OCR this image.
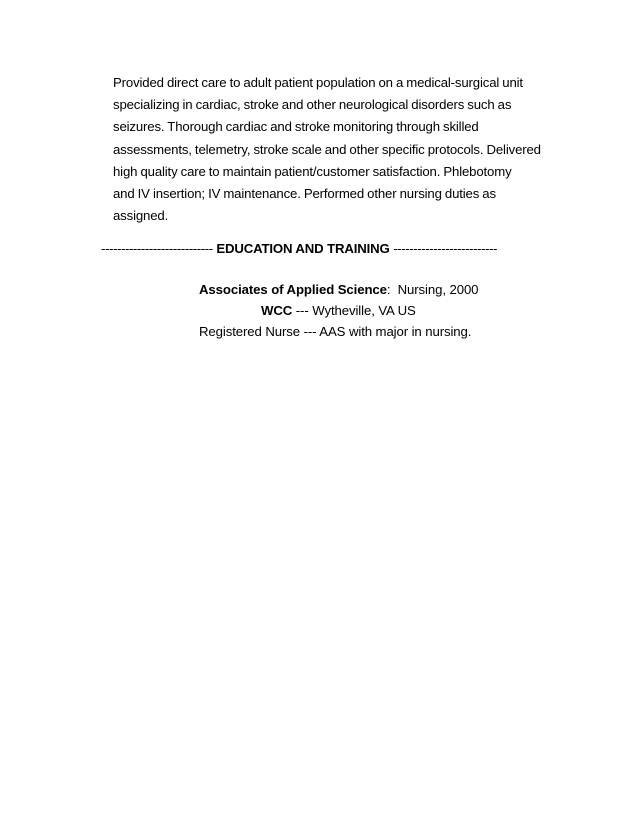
Provided direct care to adult patient population on a medical-surgical unit
specializing in cardiac, stroke and other neurological disorders such as
seizures. Thorough cardiac and stroke monitoring through skilled
assessments, telemetry, stroke scale and other specific protocols. Delivered
high quality care to maintain patient/customer satisfaction. Phlebotomy
and IV insertion; IV maintenance. Performed other nursing duties as
assigned.
---------------------------- EDUCATION AND TRAINING --------------------------
Associates of Applied Science:  Nursing, 2000
WCC --- Wytheville, VA US
Registered Nurse --- AAS with major in nursing.
